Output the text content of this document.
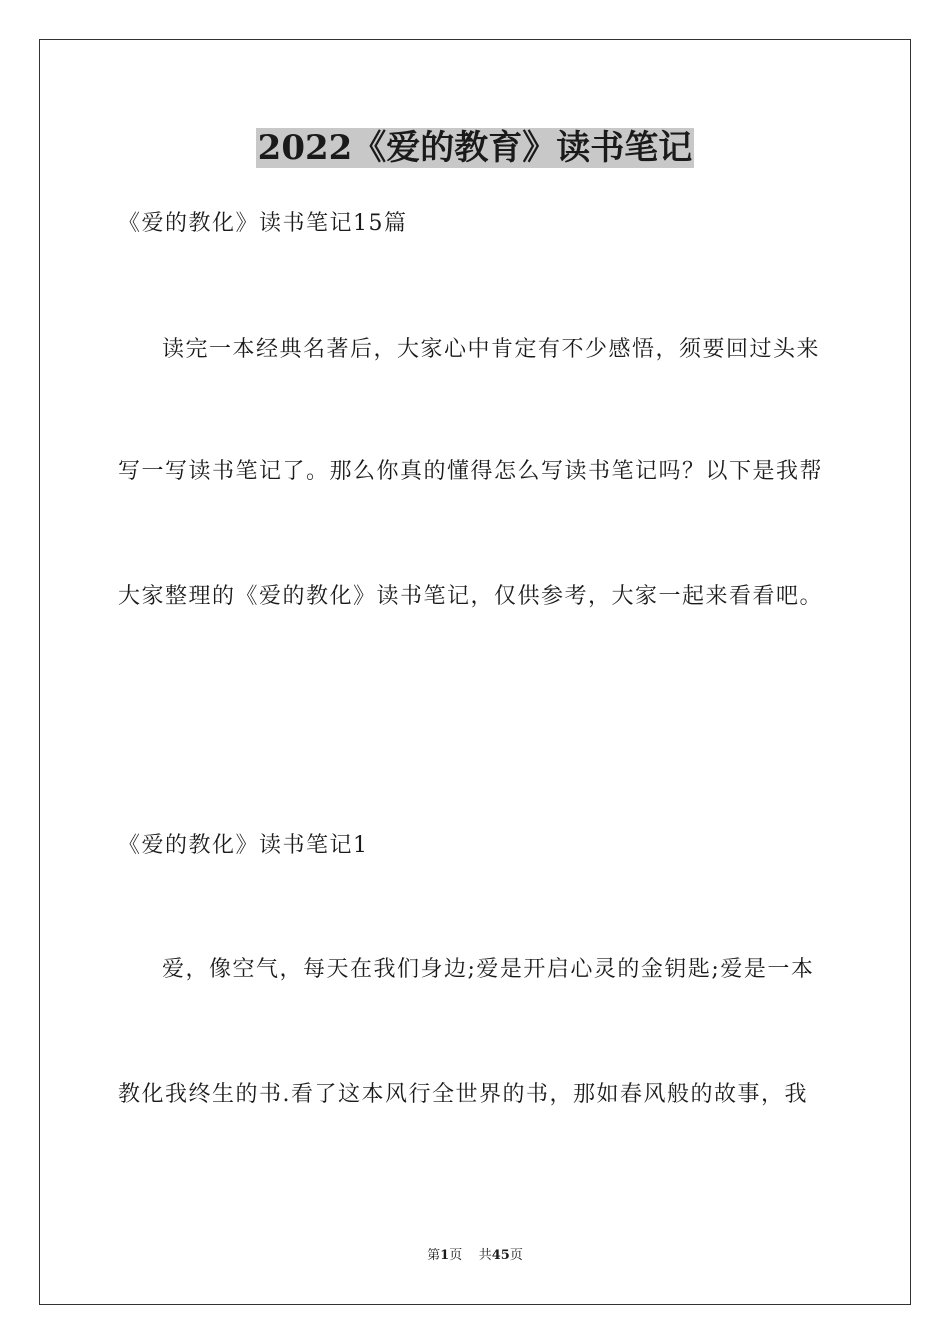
2022《爱的教育》读书笔记
《爱的教化》读书笔记15篇
读完一本经典名著后，大家心中肯定有不少感悟，须要回过头来
写一写读书笔记了。那么你真的懂得怎么写读书笔记吗？以下是我帮
大家整理的《爱的教化》读书笔记，仅供参考，大家一起来看看吧。
《爱的教化》读书笔记1
爱，像空气，每天在我们身边;爱是开启心灵的金钥匙;爱是一本
教化我终生的书.看了这本风行全世界的书，那如春风般的故事，我
第1页 共45页
